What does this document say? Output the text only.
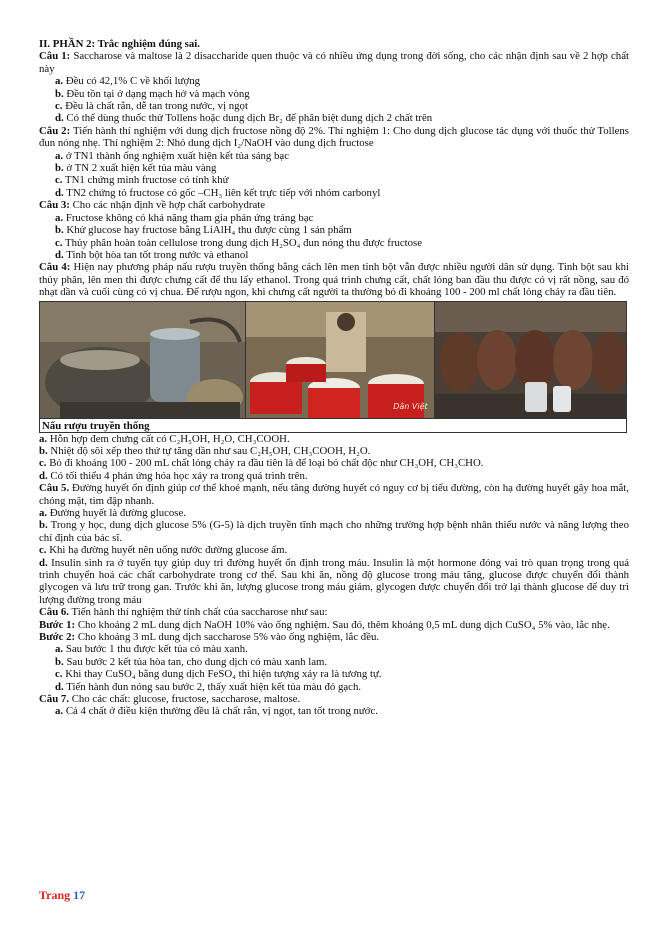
II. PHẦN 2: Trắc nghiệm đúng sai.

Câu 1: Saccharose và maltose là 2 disaccharide quen thuộc và có nhiều ứng dụng trong đời sống, cho các nhận định sau về 2 hợp chất này

a. Đều có 42,1% C về khối lượng

b. Đều tồn tại ở dạng mạch hở và mạch vòng

c. Đều là chất rắn, dễ tan trong nước, vị ngọt

d. Có thể dùng thuốc thử Tollens hoặc dung dịch Br₂ để phân biệt dung dịch 2 chất trên

Câu 2: Tiến hành thí nghiệm với dung dịch fructose nồng độ 2%. Thí nghiệm 1: Cho dung dịch glucose tác dụng với thuốc thử Tollens đun nóng nhẹ. Thí nghiệm 2: Nhỏ dung dịch I₂/NaOH vào dung dịch fructose

a. ở TN1 thành ống nghiệm xuất hiện kết tủa sáng bạc

b. ở TN 2 xuất hiện kết tủa màu vàng

c. TN1 chứng minh fructose có tính khử

d. TN2 chứng tỏ fructose có gốc –CH₃ liên kết trực tiếp với nhóm carbonyl

Câu 3: Cho các nhận định về hợp chất carbohydrate

a. Fructose không có khả năng tham gia phản ứng tráng bạc

b. Khử glucose hay fructose bằng LiAlH₄ thu được cùng 1 sản phẩm

c. Thủy phân hoàn toàn cellulose trong dung dịch H₂SO₄ đun nóng thu được fructose

d. Tinh bột hòa tan tốt trong nước và ethanol

Câu 4: Hiện nay phương pháp nấu rượu truyền thống bằng cách lên men tinh bột vẫn được nhiều người dân sử dụng. Tinh bột sau khi thủy phân, lên men thì được chưng cất để thu lấy ethanol. Trong quá trình chưng cất, chất lỏng ban đầu thu được có vị rất nồng, sau đó nhạt dần và cuối cùng có vị chua. Để rượu ngon, khi chưng cất người ta thường bỏ đi khoảng 100 - 200 ml chất lỏng chảy ra đầu tiên.

Dân Việt
Nấu rượu truyền thống

a. Hỗn hợp đem chưng cất có C₂H₅OH, H₂O, CH₃COOH.

b. Nhiệt độ sôi xếp theo thứ tự tăng dần như sau C₂H₅OH, CH₃COOH, H₂O.

c. Bỏ đi khoảng 100 - 200 mL chất lỏng chảy ra đầu tiên là để loại bỏ chất độc như CH₃OH, CH₃CHO.

d. Có tối thiểu 4 phản ứng hóa học xảy ra trong quá trình trên.

Câu 5. Đường huyết ổn định giúp cơ thể khoẻ mạnh, nếu tăng đường huyết có nguy cơ bị tiểu đường, còn hạ đường huyết gây hoa mắt, chóng mặt, tim đập nhanh.

a. Đường huyết là đường glucose.

b. Trong y học, dung dịch glucose 5% (G-5) là dịch truyền tĩnh mạch cho những trường hợp bệnh nhân thiếu nước và năng lượng theo chỉ định của bác sĩ.

c. Khi hạ đường huyết nên uống nước đường glucose ấm.

d. Insulin sinh ra ở tuyến tụy giúp duy trì đường huyết ổn định trong máu. Insulin là một hormone đóng vai trò quan trọng trong quá trình chuyển hoá các chất carbohydrate trong cơ thể. Sau khi ăn, nồng độ glucose trong máu tăng, glucose được chuyển đổi thành glycogen và lưu trữ trong gan. Trước khi ăn, lượng glucose trong máu giảm, glycogen được chuyển đổi trở lại thành glucose để duy trì lượng đường trong máu

Câu 6. Tiến hành thí nghiệm thử tính chất của saccharose như sau:

Bước 1: Cho khoảng 2 mL dung dịch NaOH 10% vào ống nghiệm. Sau đó, thêm khoảng 0,5 mL dung dịch CuSO₄ 5% vào, lắc nhẹ.

Bước 2: Cho khoảng 3 mL dung dịch saccharose 5% vào ống nghiệm, lắc đều.

a. Sau bước 1 thu được kết tủa có màu xanh.

b. Sau bước 2 kết tủa hòa tan, cho dung dịch có màu xanh lam.

c. Khi thay CuSO₄ bằng dung dịch FeSO₄ thì hiện tượng xảy ra là tương tự.

d. Tiến hành đun nóng sau bước 2, thấy xuất hiện kết tủa màu đỏ gạch.

Câu 7. Cho các chất: glucose, fructose, saccharose, maltose.

a. Cả 4 chất ở điều kiện thường đều là chất rắn, vị ngọt, tan tốt trong nước.

Trang 17
